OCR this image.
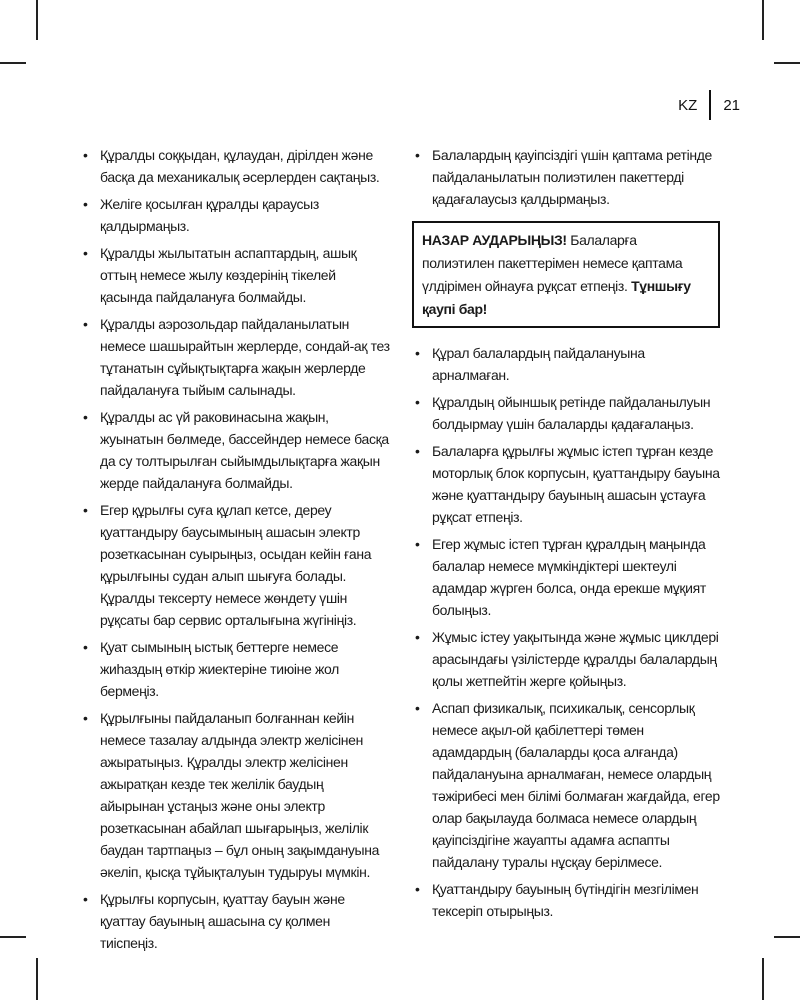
KZ 21
• Құралды соққыдан, құлаудан, дірілден және басқа да механикалық әсерлерден сақтаңыз.
• Желіге қосылған құралды қараусыз қалдырмаңыз.
• Құралды жылытатын аспаптардың, ашық оттың немесе жылу көздерінің тікелей қасында пайдалануға болмайды.
• Құралды аэрозольдар пайдаланылатын немесе шашырайтын жерлерде, сондай-ақ тез тұтанатын сұйықтықтарға жақын жерлерде пайдалануға тыйым салынады.
• Құралды ас үй раковинасына жақын, жуынатын бөлмеде, бассейндер немесе басқа да су толтырылған сыйымдылықтарға жақын жерде пайдалануға болмайды.
• Егер құрылғы суға құлап кетсе, дереу қуаттандыру баусымының ашасын электр розеткасынан суырыңыз, осыдан кейін ғана құрылғыны судан алып шығуға болады. Құралды тексерту немесе жөндету үшін рұқсаты бар сервис орталығына жүгініңіз.
• Қуат сымының ыстық беттерге немесе жиһаздың өткір жиектеріне тиюіне жол бермеңіз.
• Құрылғыны пайдаланып болғаннан кейін немесе тазалау алдында электр желісінен ажыратыңыз. Құралды электр желісінен ажыратқан кезде тек желілік баудың айырынан ұстаңыз және оны электр розеткасынан абайлап шығарыңыз, желілік баудан тартпаңыз – бұл оның зақымдануына әкеліп, қысқа тұйықталуын тудыруы мүмкін.
• Құрылғы корпусын, қуаттау бауын және қуаттау бауының ашасына су қолмен тиіспеңіз.
• Балалардың қауіпсіздігі үшін қаптама ретінде пайдаланылатын полиэтилен пакеттерді қадағалаусыз қалдырмаңыз.
НАЗАР АУДАРЫҢЫЗ! Балаларға полиэтилен пакеттерімен немесе қаптама үлдірімен ойнауға рұқсат етпеңіз. Тұншығу қаупі бар!
• Құрал балалардың пайдалануына арналмаған.
• Құралдың ойыншық ретінде пайдаланылуын болдырмау үшін балаларды қадағалаңыз.
• Балаларға құрылғы жұмыс істеп тұрған кезде моторлық блок корпусын, қуаттандыру бауына және қуаттандыру бауының ашасын ұстауға рұқсат етпеңіз.
• Егер жұмыс істеп тұрған құралдың маңында балалар немесе мүмкіндіктері шектеулі адамдар жүрген болса, онда ерекше мұқият болыңыз.
• Жұмыс істеу уақытында және жұмыс циклдері арасындағы үзілістерде құралды балалардың қолы жетпейтін жерге қойыңыз.
• Аспап физикалық, психикалық, сенсорлық немесе ақыл-ой қабілеттері төмен адамдардың (балаларды қоса алғанда) пайдалануына арналмаған, немесе олардың тәжірибесі мен білімі болмаған жағдайда, егер олар бақылауда болмаса немесе олардың қауіпсіздігіне жауапты адамға аспапты пайдалану туралы нұсқау берілмесе.
• Қуаттандыру бауының бүтіндігін мезгілімен тексеріп отырыңыз.
